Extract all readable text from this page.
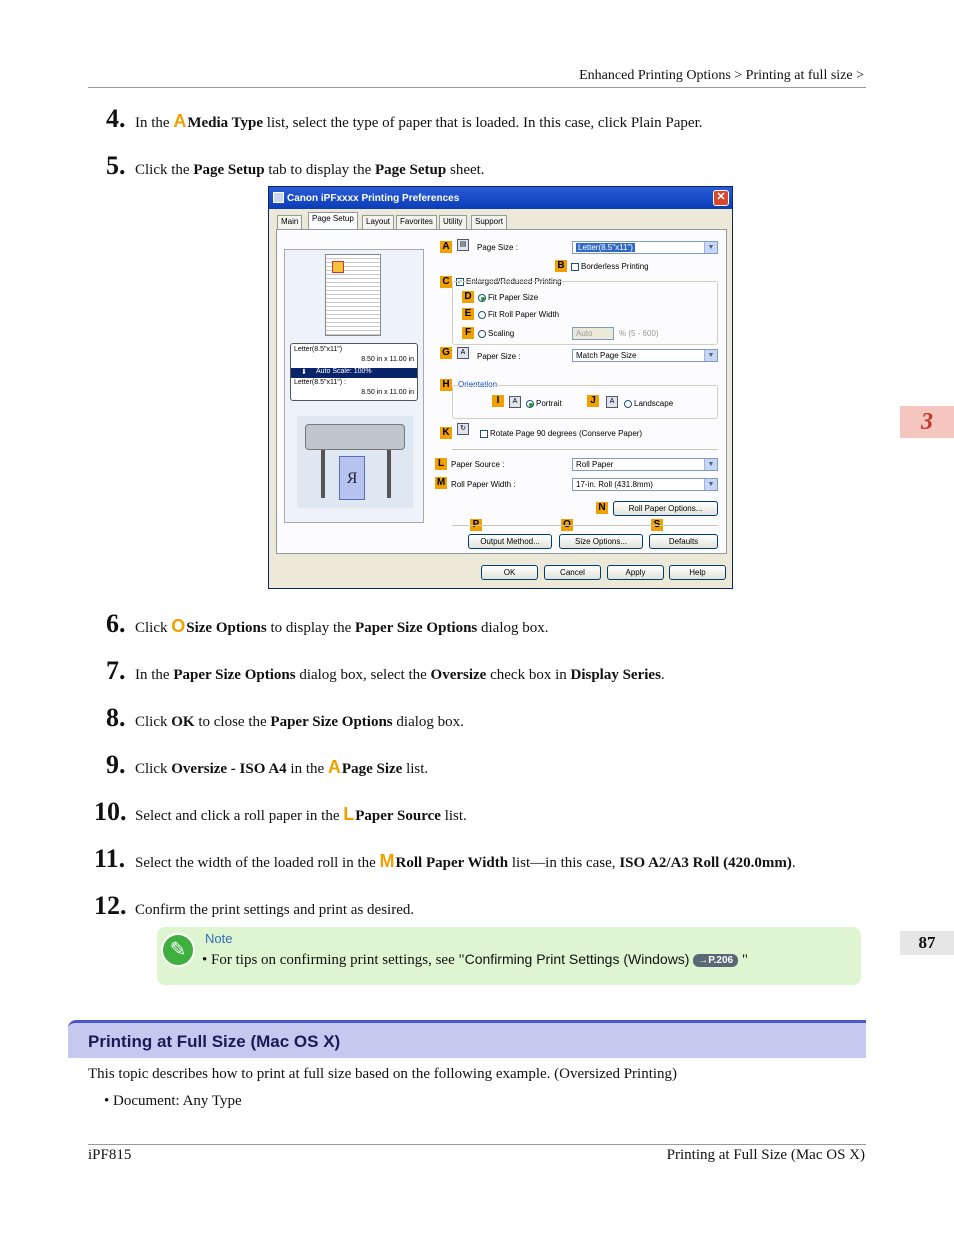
Enhanced Printing Options > Printing at full size >
3
87
4. In the AMedia Type list, select the type of paper that is loaded. In this case, click Plain Paper.
5. Click the Page Setup tab to display the Page Setup sheet.
Canon iPFxxxx Printing Preferences	✕
Main	Page Setup	Layout	Favorites	Utility	Support
Letter(8.5"x11")
8.50 in x 11.00 in
⬇ Auto Scale: 100%
Letter(8.5"x11") :
8.50 in x 11.00 in
R
A	▤	Page Size :	Letter(8.5"x11")	▼
B	Borderless Printing
C	✓ Enlarged/Reduced Printing
D	Fit Paper Size
E	Fit Roll Paper Width
F	Scaling	Auto	% (5 - 600)
G	A	Paper Size :	Match Page Size	▼
H Orientation
I	A	Portrait	J	A	Landscape
K	↻
Rotate Page 90 degrees (Conserve Paper)
L Paper Source :	Roll Paper	▼
M Roll Paper Width :	17-in. Roll (431.8mm)	▼
N	Roll Paper Options...
Output Method...	Size Options...	Defaults
OK	Cancel	Apply	Help
6. Click OSize Options to display the Paper Size Options dialog box.
7. In the Paper Size Options dialog box, select the Oversize check box in Display Series.
8. Click OK to close the Paper Size Options dialog box.
9. Click Oversize - ISO A4 in the APage Size list.
10. Select and click a roll paper in the LPaper Source list.
11. Select the width of the loaded roll in the MRoll Paper Width list—in this case, ISO A2/A3 Roll (420.0mm).
12. Confirm the print settings and print as desired.
✎
Note
• For tips on confirming print settings, see "Confirming Print Settings (Windows) →P.206 "
Printing at Full Size (Mac OS X)
This topic describes how to print at full size based on the following example. (Oversized Printing)
• Document: Any Type
iPF815	Printing at Full Size (Mac OS X)
